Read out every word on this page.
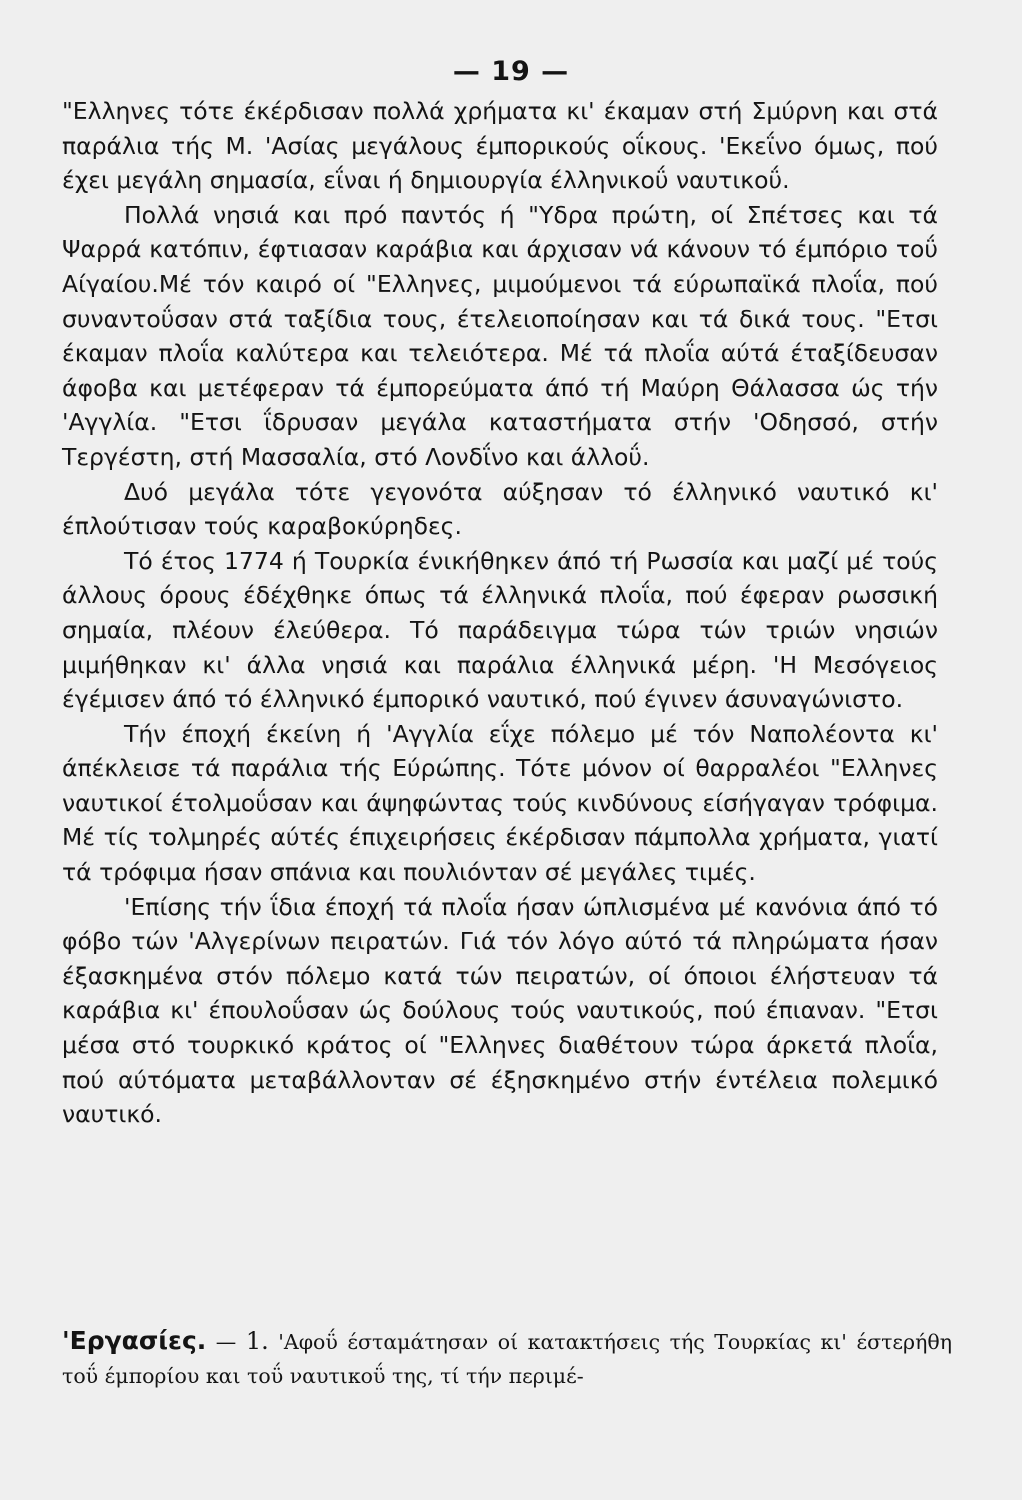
— 19 —

"Ελληνες τότε έκέρδισαν πολλά χρήματα κι' έκαμαν στή Σμύρνη και στά παράλια τής Μ. 'Ασίας μεγάλους έμπορικούς οΐκους. 'Εκεΐνο όμως, πού έχει μεγάλη σημασία, εΐναι ή δημιουργία έλληνικοΰ ναυτικοΰ.

Πολλά νησιά και πρό παντός ή "Υδρα πρώτη, οί Σπέτσες και τά Ψαρρά κατόπιν, έφτιασαν καράβια και άρχισαν νά κάνουν τό έμπόριο τοΰ Αίγαίου.Μέ τόν καιρό οί "Ελληνες, μιμούμενοι τά εύρωπαϊκά πλοΐα, πού συναντοΰσαν στά ταξίδια τους, έτελειοποίησαν και τά δικά τους. "Ετσι έκαμαν πλοΐα καλύτερα και τελειότερα. Μέ τά πλοΐα αύτά έταξίδευσαν άφοβα και μετέφεραν τά έμπορεύματα άπό τή Μαύρη Θάλασσα ώς τήν 'Αγγλία. "Ετσι ΐδρυσαν μεγάλα καταστήματα στήν 'Οδησσό, στήν Τεργέστη, στή Μασσαλία, στό Λονδΐνο και άλλοΰ.

Δυό μεγάλα τότε γεγονότα αύξησαν τό έλληνικό ναυτικό κι' έπλούτισαν τούς καραβοκύρηδες.

Τό έτος 1774 ή Τουρκία ένικήθηκεν άπό τή Ρωσσία και μαζί μέ τούς άλλους όρους έδέχθηκε όπως τά έλληνικά πλοΐα, πού έφεραν ρωσσική σημαία, πλέουν έλεύθερα. Τό παράδειγμα τώρα τών τριών νησιών μιμήθηκαν κι' άλλα νησιά και παράλια έλληνικά μέρη. 'Η Μεσόγειος έγέμισεν άπό τό έλληνικό έμπορικό ναυτικό, πού έγινεν άσυναγώνιστο.

Τήν έποχή έκείνη ή 'Αγγλία εΐχε πόλεμο μέ τόν Ναπολέοντα κι' άπέκλεισε τά παράλια τής Εύρώπης. Τότε μόνον οί θαρραλέοι "Ελληνες ναυτικοί έτολμοΰσαν και άψηφώντας τούς κινδύνους είσήγαγαν τρόφιμα. Μέ τίς τολμηρές αύτές έπιχειρήσεις έκέρδισαν πάμπολλα χρήματα, γιατί τά τρόφιμα ήσαν σπάνια και πουλιόνταν σέ μεγάλες τιμές.

'Επίσης τήν ΐδια έποχή τά πλοΐα ήσαν ώπλισμένα μέ κανόνια άπό τό φόβο τών 'Αλγερίνων πειρατών. Γιά τόν λόγο αύτό τά πληρώματα ήσαν έξασκημένα στόν πόλεμο κατά τών πειρατών, οί όποιοι έλήστευαν τά καράβια κι' έπουλοΰσαν ώς δούλους τούς ναυτικούς, πού έπιαναν. "Ετσι μέσα στό τουρκικό κράτος οί "Ελληνες διαθέτουν τώρα άρκετά πλοΐα, πού αύτόματα μεταβάλλονταν σέ έξησκημένο στήν έντέλεια πολεμικό ναυτικό.

'Εργασίες. — 1. 'Αφοΰ έσταμάτησαν οί κατακτήσεις τής Τουρκίας κι' έστερήθη τοΰ έμπορίου και τοΰ ναυτικοΰ της, τί τήν περιμέ-
